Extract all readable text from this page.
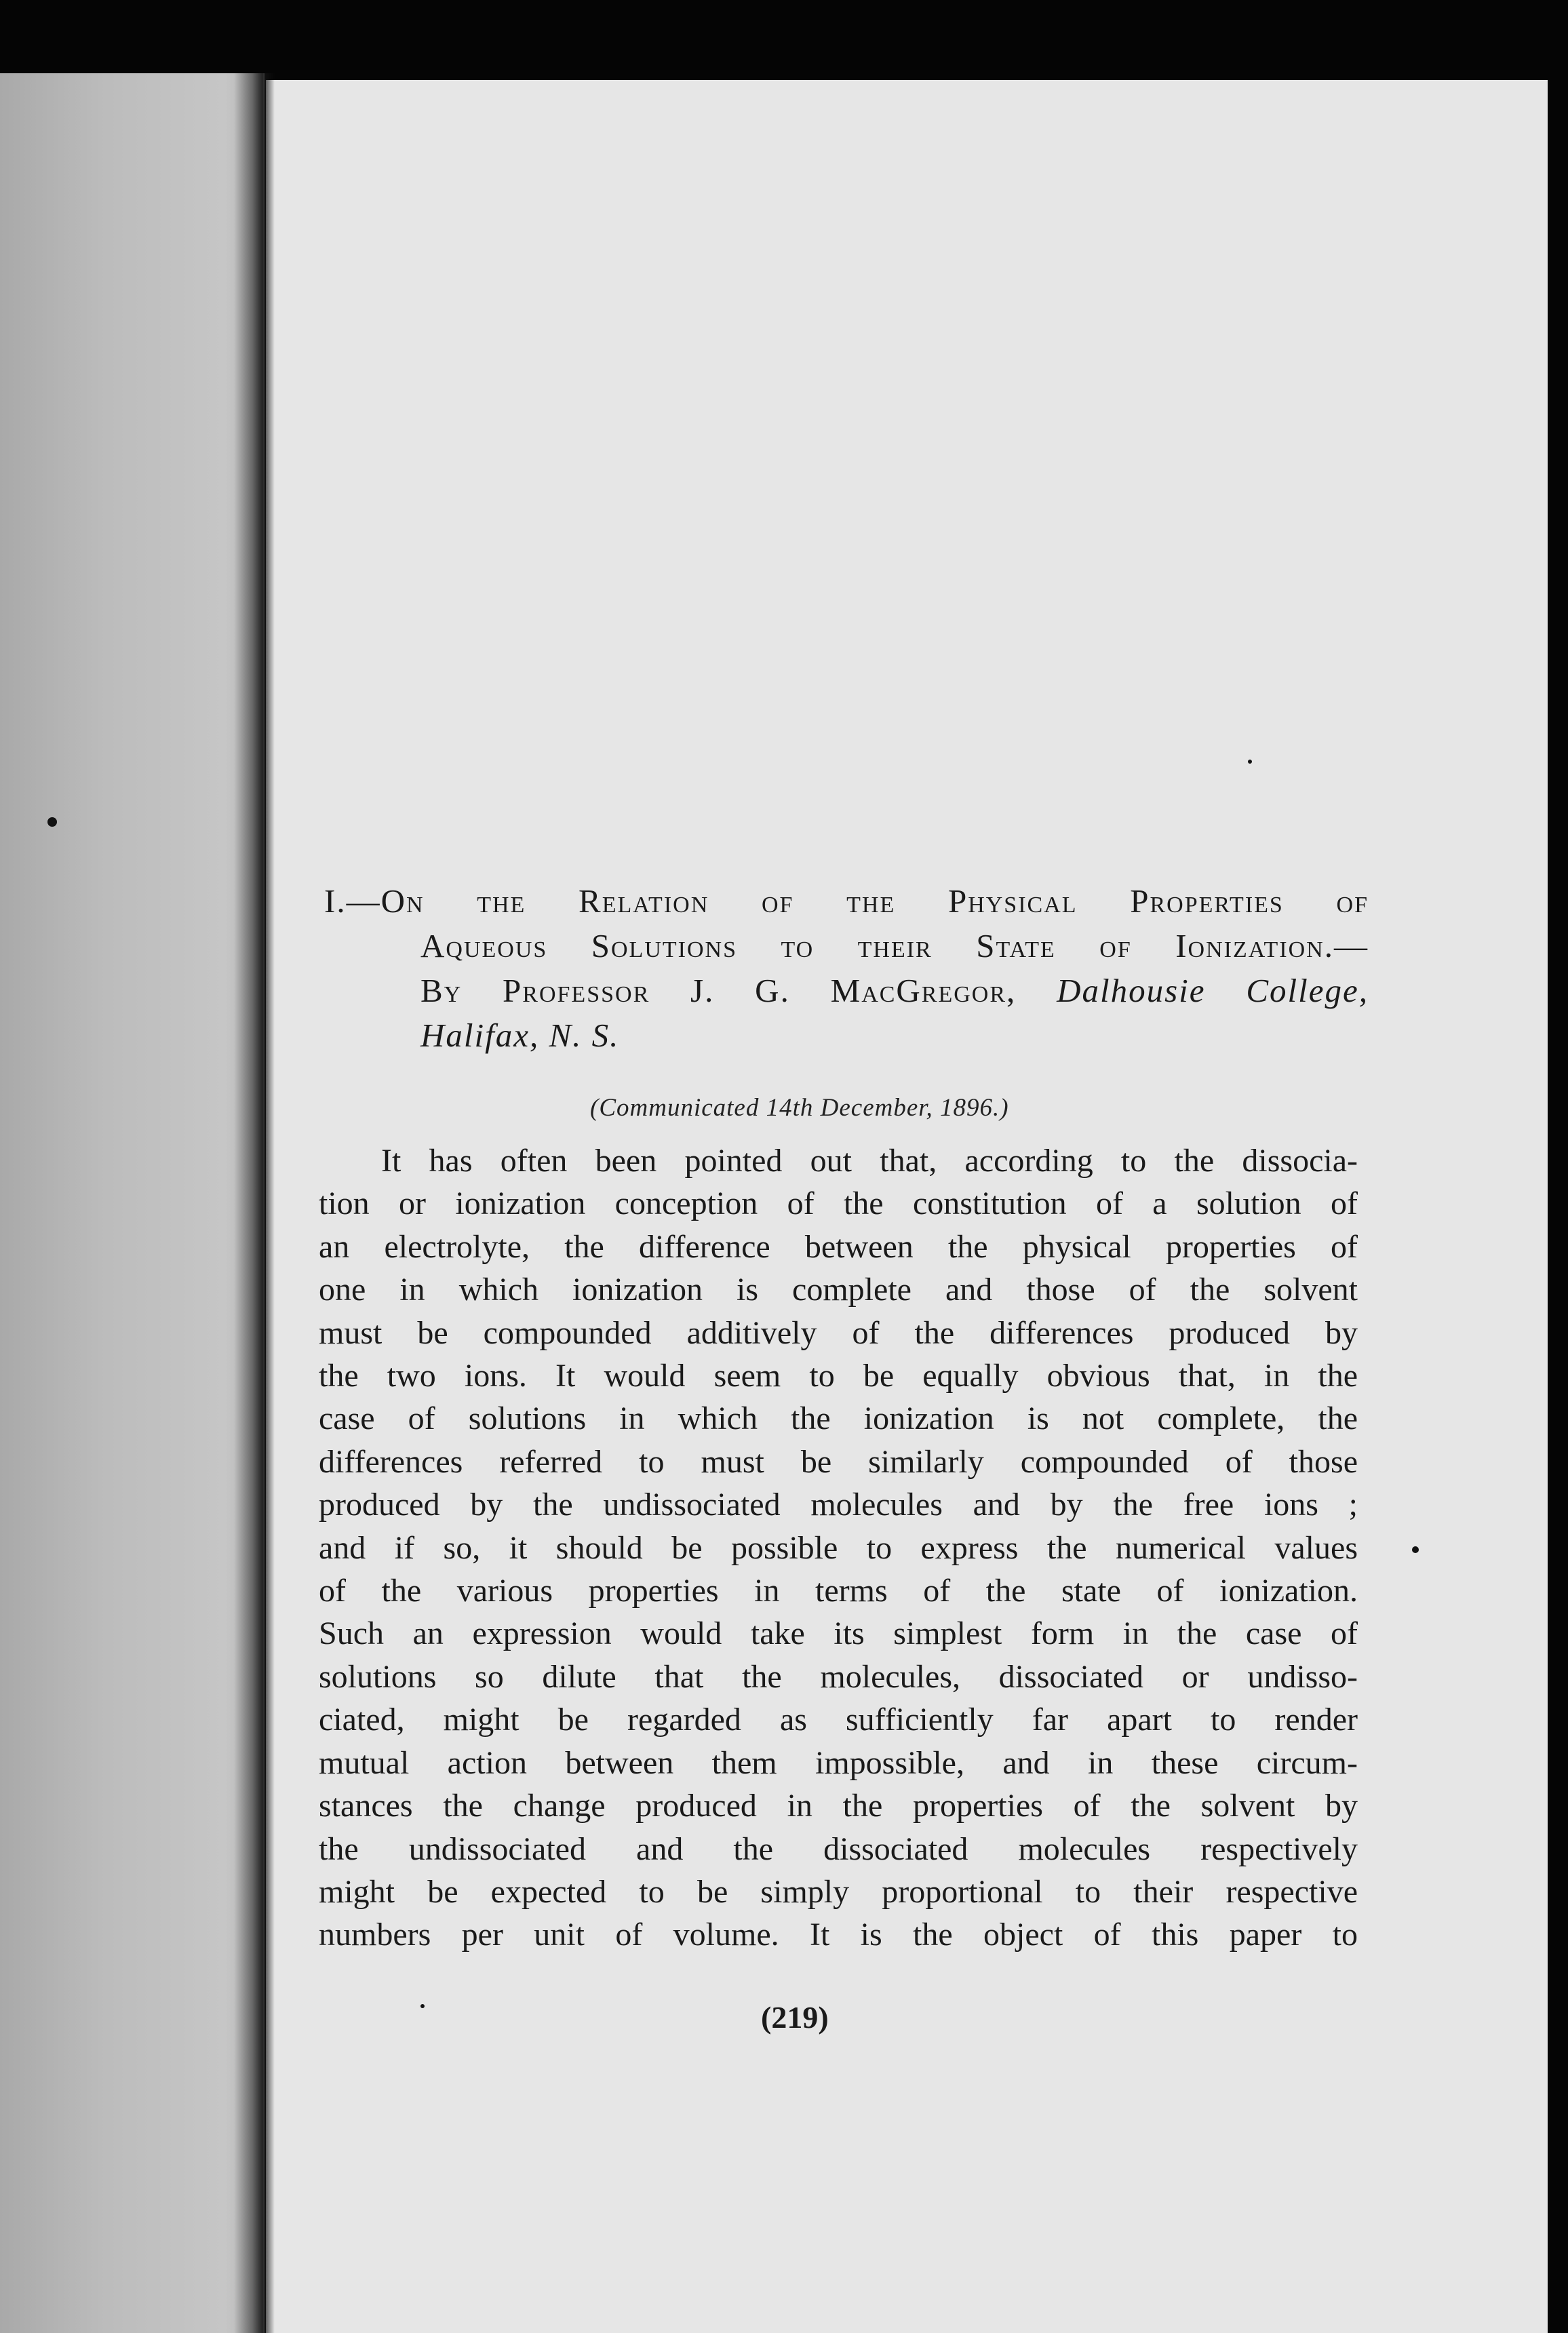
I.—On the Relation of the Physical Properties of
Aqueous Solutions to their State of Ionization.—
By Professor J. G. MacGregor, Dalhousie College,
Halifax, N. S.
(Communicated 14th December, 1896.)
It has often been pointed out that, according to the dissocia-
tion or ionization conception of the constitution of a solution of
an electrolyte, the difference between the physical properties of
one in which ionization is complete and those of the solvent
must be compounded additively of the differences produced by
the two ions. It would seem to be equally obvious that, in the
case of solutions in which the ionization is not complete, the
differences referred to must be similarly compounded of those
produced by the undissociated molecules and by the free ions ;
and if so, it should be possible to express the numerical values
of the various properties in terms of the state of ionization.
Such an expression would take its simplest form in the case of
solutions so dilute that the molecules, dissociated or undisso-
ciated, might be regarded as sufficiently far apart to render
mutual action between them impossible, and in these circum-
stances the change produced in the properties of the solvent by
the undissociated and the dissociated molecules respectively
might be expected to be simply proportional to their respective
numbers per unit of volume. It is the object of this paper to
(219)
